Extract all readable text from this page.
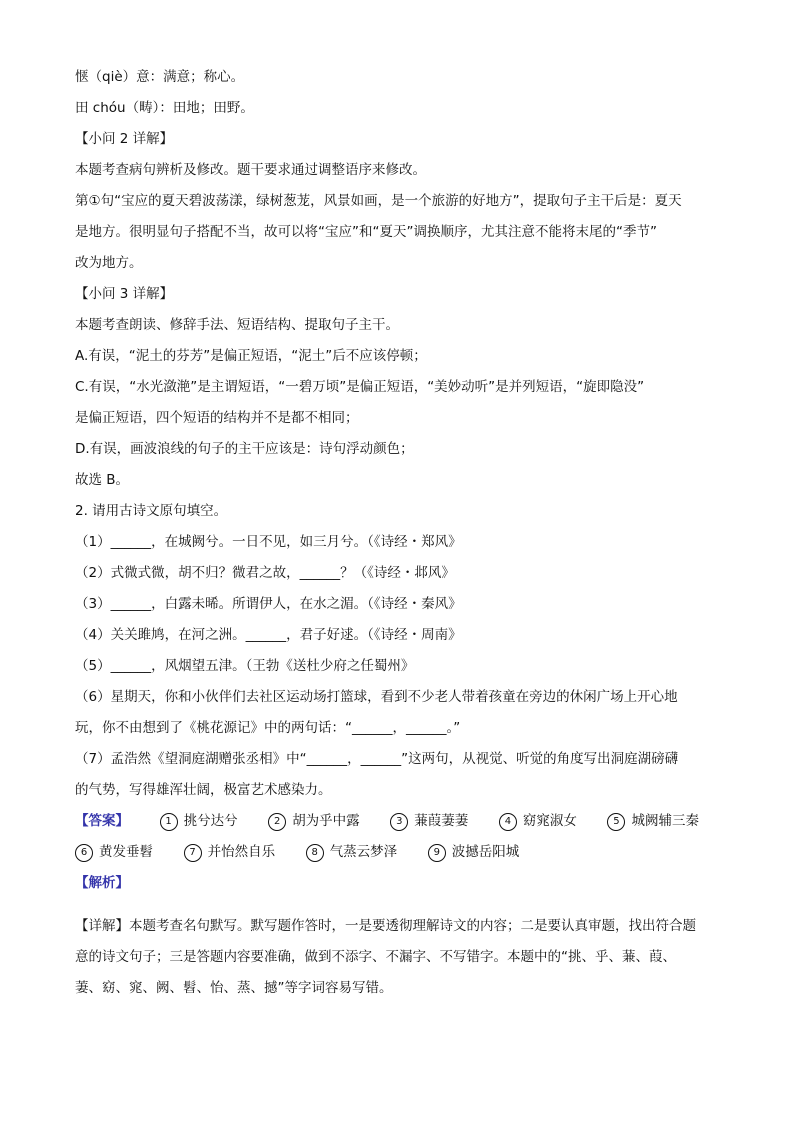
惬（qiè）意：满意；称心。
田 chóu（畴）：田地；田野。
【小问 2 详解】
本题考查病句辨析及修改。题干要求通过调整语序来修改。
第①句“宝应的夏天碧波荡漾，绿树葱茏，风景如画，是一个旅游的好地方”，提取句子主干后是：夏天
是地方。很明显句子搭配不当，故可以将“宝应”和“夏天”调换顺序，尤其注意不能将末尾的“季节”
改为地方。
【小问 3 详解】
本题考查朗读、修辞手法、短语结构、提取句子主干。
A.有误，“泥土的芬芳”是偏正短语，“泥土”后不应该停顿；
C.有误，“水光潋滟”是主谓短语，“一碧万顷”是偏正短语，“美妙动听”是并列短语，“旋即隐没”
是偏正短语，四个短语的结构并不是都不相同；
D.有误，画波浪线的句子的主干应该是：诗句浮动颜色；
故选 B。
2. 请用古诗文原句填空。
（1）______，在城阙兮。一日不见，如三月兮。（《诗经・郑风》
（2）式微式微，胡不归？微君之故，______？（《诗经・邶风》
（3）______，白露未晞。所谓伊人，在水之湄。（《诗经・秦风》
（4）关关雎鸠，在河之洲。______，君子好逑。（《诗经・周南》
（5）______，风烟望五津。（王勃《送杜少府之任蜀州》
（6）星期天，你和小伙伴们去社区运动场打篮球，看到不少老人带着孩童在旁边的休闲广场上开心地
玩，你不由想到了《桃花源记》中的两句话：“______，______。”
（7）孟浩然《望洞庭湖赠张丞相》中“______，______”这两句，从视觉、听觉的角度写出洞庭湖磅礴
的气势，写得雄浑壮阔，极富艺术感染力。
【答案】	1 挑兮达兮	2 胡为乎中露	3 蒹葭萋萋	4 窈窕淑女	5 城阙辅三秦
6 黄发垂髫	7 并怡然自乐	8 气蒸云梦泽	9 波撼岳阳城
【解析】
【详解】本题考查名句默写。默写题作答时，一是要透彻理解诗文的内容；二是要认真审题，找出符合题
意的诗文句子；三是答题内容要准确，做到不添字、不漏字、不写错字。本题中的“挑、乎、蒹、葭、
萋、窈、窕、阙、髫、怡、蒸、撼”等字词容易写错。
